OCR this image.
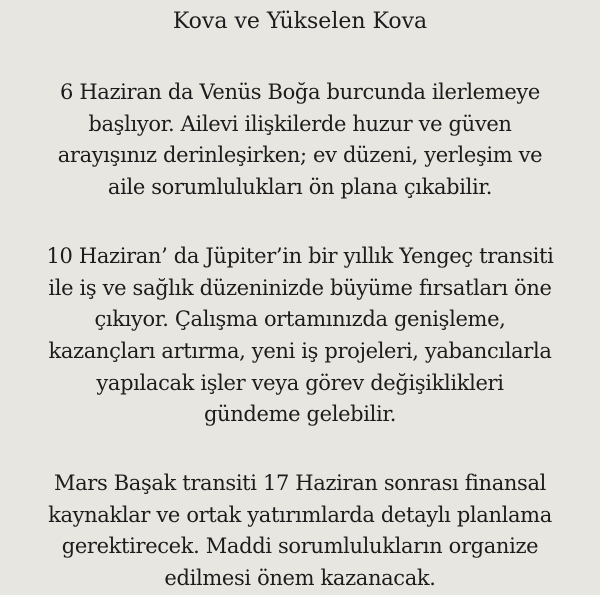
Kova ve Yükselen Kova
6 Haziran da Venüs Boğa burcunda ilerlemeye
başlıyor. Ailevi ilişkilerde huzur ve güven
arayışınız derinleşirken; ev düzeni, yerleşim ve
aile sorumlulukları ön plana çıkabilir.
10 Haziran’ da Jüpiter’in bir yıllık Yengeç transiti
ile iş ve sağlık düzeninizde büyüme fırsatları öne
çıkıyor. Çalışma ortamınızda genişleme,
kazançları artırma, yeni iş projeleri, yabancılarla
yapılacak işler veya görev değişiklikleri
gündeme gelebilir.
Mars Başak transiti 17 Haziran sonrası finansal
kaynaklar ve ortak yatırımlarda detaylı planlama
gerektirecek. Maddi sorumlulukların organize
edilmesi önem kazanacak.
